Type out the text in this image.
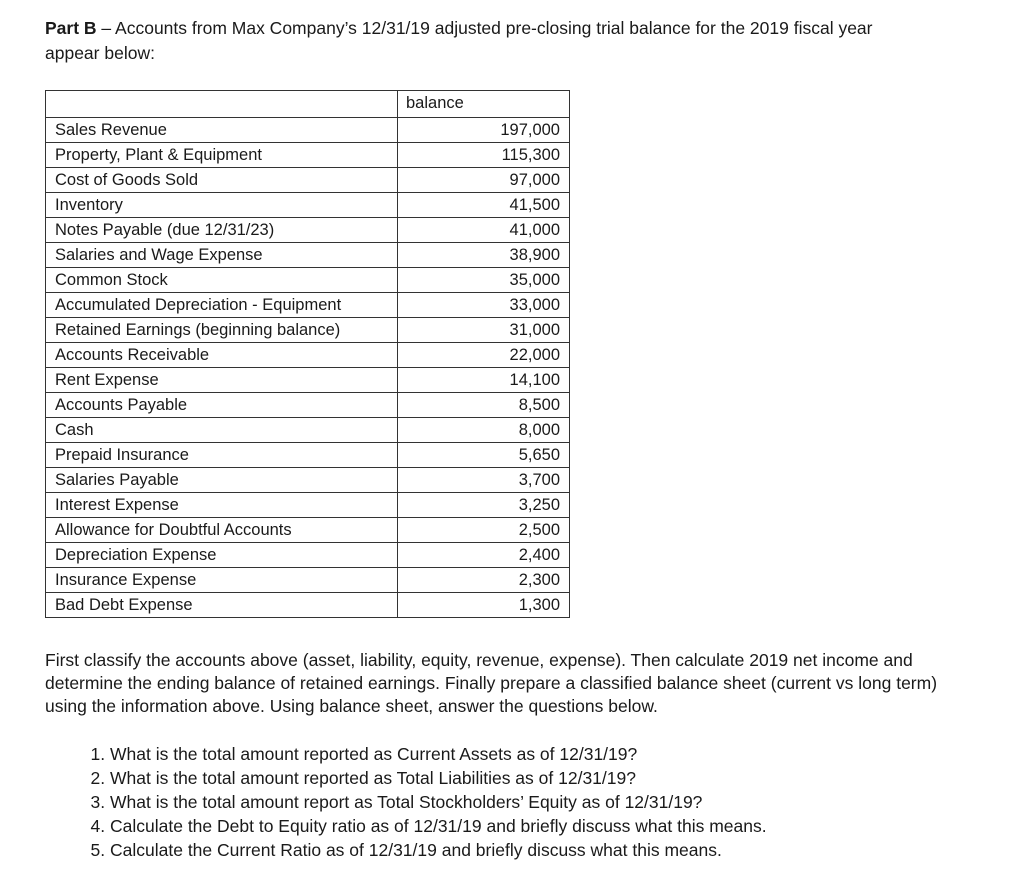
Part B – Accounts from Max Company’s 12/31/19 adjusted pre-closing trial balance for the 2019 fiscal year
appear below:
	balance
Sales Revenue	197,000
Property, Plant & Equipment	115,300
Cost of Goods Sold	97,000
Inventory	41,500
Notes Payable (due 12/31/23)	41,000
Salaries and Wage Expense	38,900
Common Stock	35,000
Accumulated Depreciation - Equipment	33,000
Retained Earnings (beginning balance)	31,000
Accounts Receivable	22,000
Rent Expense	14,100
Accounts Payable	8,500
Cash	8,000
Prepaid Insurance	5,650
Salaries Payable	3,700
Interest Expense	3,250
Allowance for Doubtful Accounts	2,500
Depreciation Expense	2,400
Insurance Expense	2,300
Bad Debt Expense	1,300
First classify the accounts above (asset, liability, equity, revenue, expense). Then calculate 2019 net income and determine the ending balance of retained earnings. Finally prepare a classified balance sheet (current vs long term) using the information above. Using balance sheet, answer the questions below.
1. What is the total amount reported as Current Assets as of 12/31/19?
2. What is the total amount reported as Total Liabilities as of 12/31/19?
3. What is the total amount report as Total Stockholders’ Equity as of 12/31/19?
4. Calculate the Debt to Equity ratio as of 12/31/19 and briefly discuss what this means.
5. Calculate the Current Ratio as of 12/31/19 and briefly discuss what this means.
